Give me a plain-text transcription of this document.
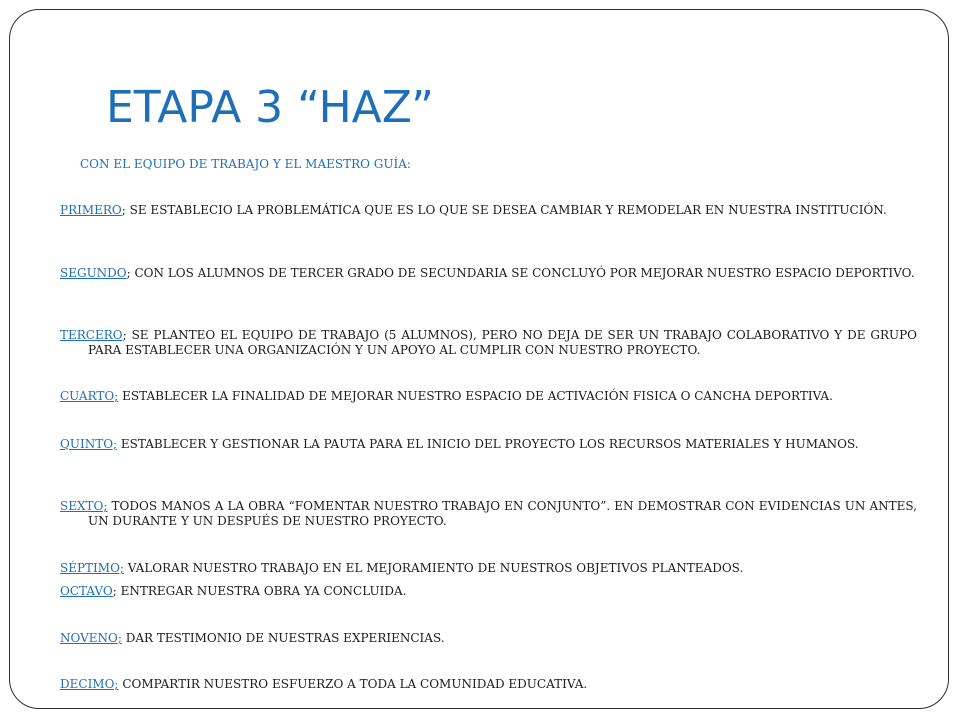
ETAPA 3 “HAZ”

CON EL EQUIPO DE TRABAJO Y EL MAESTRO GUÍA:

PRIMERO; SE ESTABLECIO LA PROBLEMÁTICA QUE ES LO QUE SE DESEA CAMBIAR Y REMODELAR EN NUESTRA INSTITUCIÓN.

SEGUNDO; CON LOS ALUMNOS DE TERCER GRADO DE SECUNDARIA SE CONCLUYÓ POR MEJORAR NUESTRO ESPACIO DEPORTIVO.

TERCERO; SE PLANTEO EL EQUIPO DE TRABAJO (5 ALUMNOS), PERO NO DEJA DE SER UN TRABAJO COLABORATIVO Y DE GRUPO PARA ESTABLECER UNA ORGANIZACIÓN Y UN APOYO AL CUMPLIR CON NUESTRO PROYECTO.

CUARTO; ESTABLECER LA FINALIDAD DE MEJORAR NUESTRO ESPACIO DE ACTIVACIÓN FISICA O CANCHA DEPORTIVA.

QUINTO; ESTABLECER Y GESTIONAR LA PAUTA PARA EL INICIO DEL PROYECTO LOS RECURSOS MATERIALES Y HUMANOS.

SEXTO; TODOS MANOS A LA OBRA “FOMENTAR NUESTRO TRABAJO EN CONJUNTO”. EN DEMOSTRAR CON EVIDENCIAS UN ANTES, UN DURANTE Y UN DESPUÉS DE NUESTRO PROYECTO.

SÉPTIMO; VALORAR NUESTRO TRABAJO EN EL MEJORAMIENTO DE NUESTROS OBJETIVOS PLANTEADOS.

OCTAVO; ENTREGAR NUESTRA OBRA YA CONCLUIDA.

NOVENO; DAR TESTIMONIO DE NUESTRAS EXPERIENCIAS.

DECIMO; COMPARTIR NUESTRO ESFUERZO A TODA LA COMUNIDAD EDUCATIVA.
